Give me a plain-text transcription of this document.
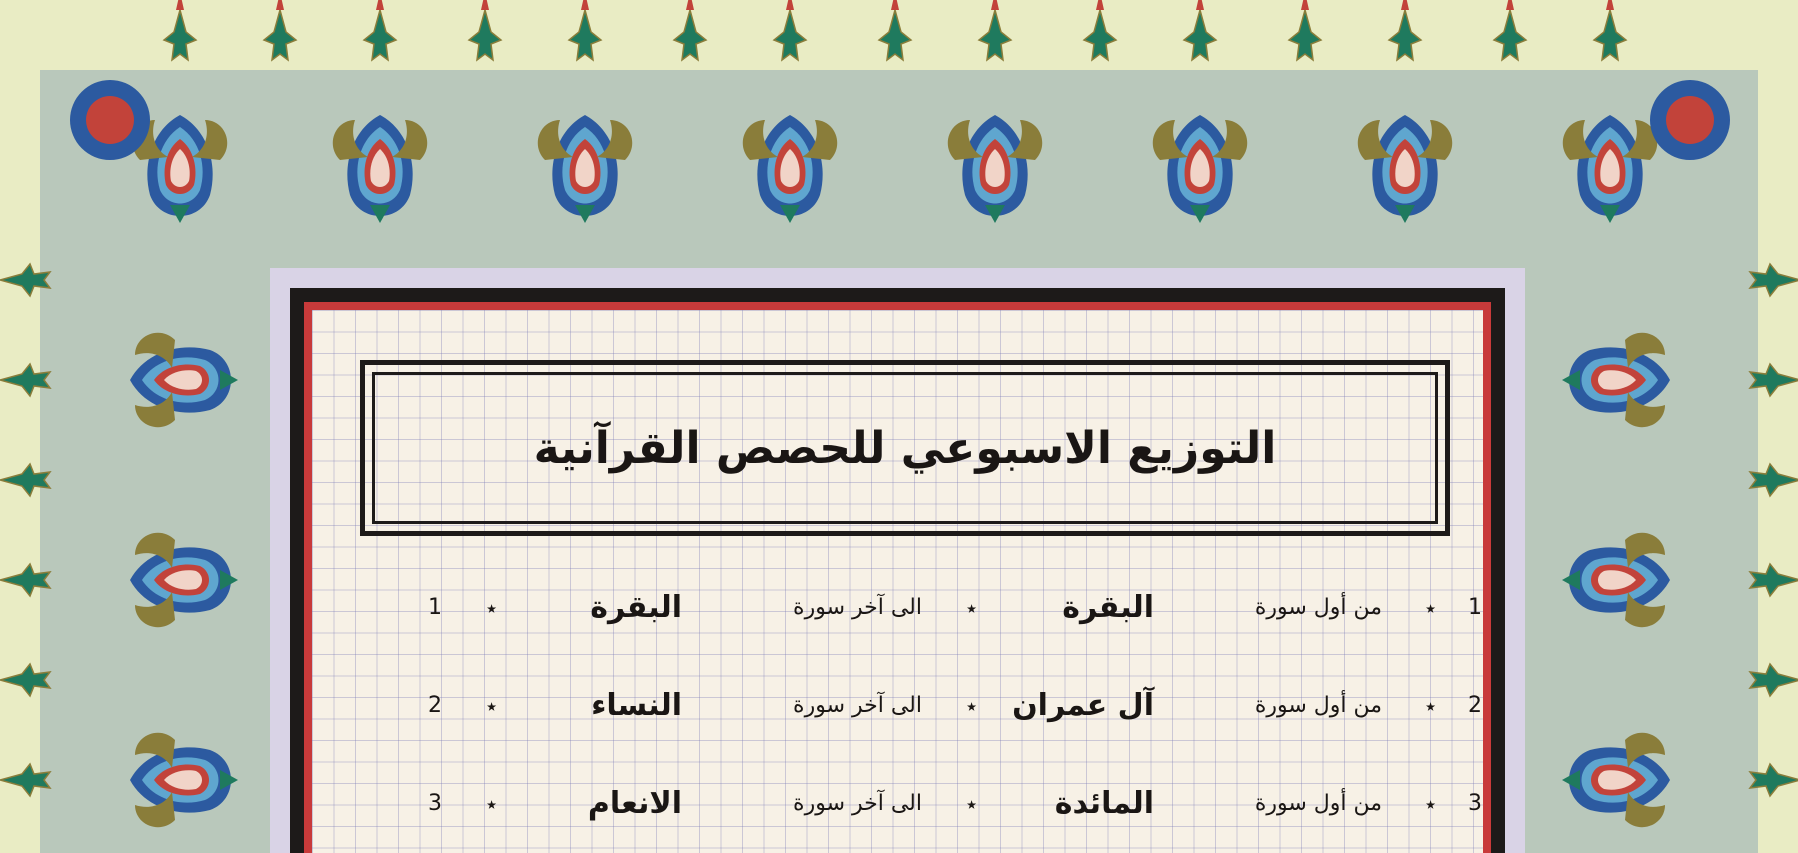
التوزيع الاسبوعي للحصص القرآنية
1
٭
من أول سورة
البقرة
٭
الى آخر سورة
البقرة
٭
1
2
٭
من أول سورة
آل عمران
٭
الى آخر سورة
النساء
٭
2
3
٭
من أول سورة
المائدة
٭
الى آخر سورة
الانعام
٭
3
